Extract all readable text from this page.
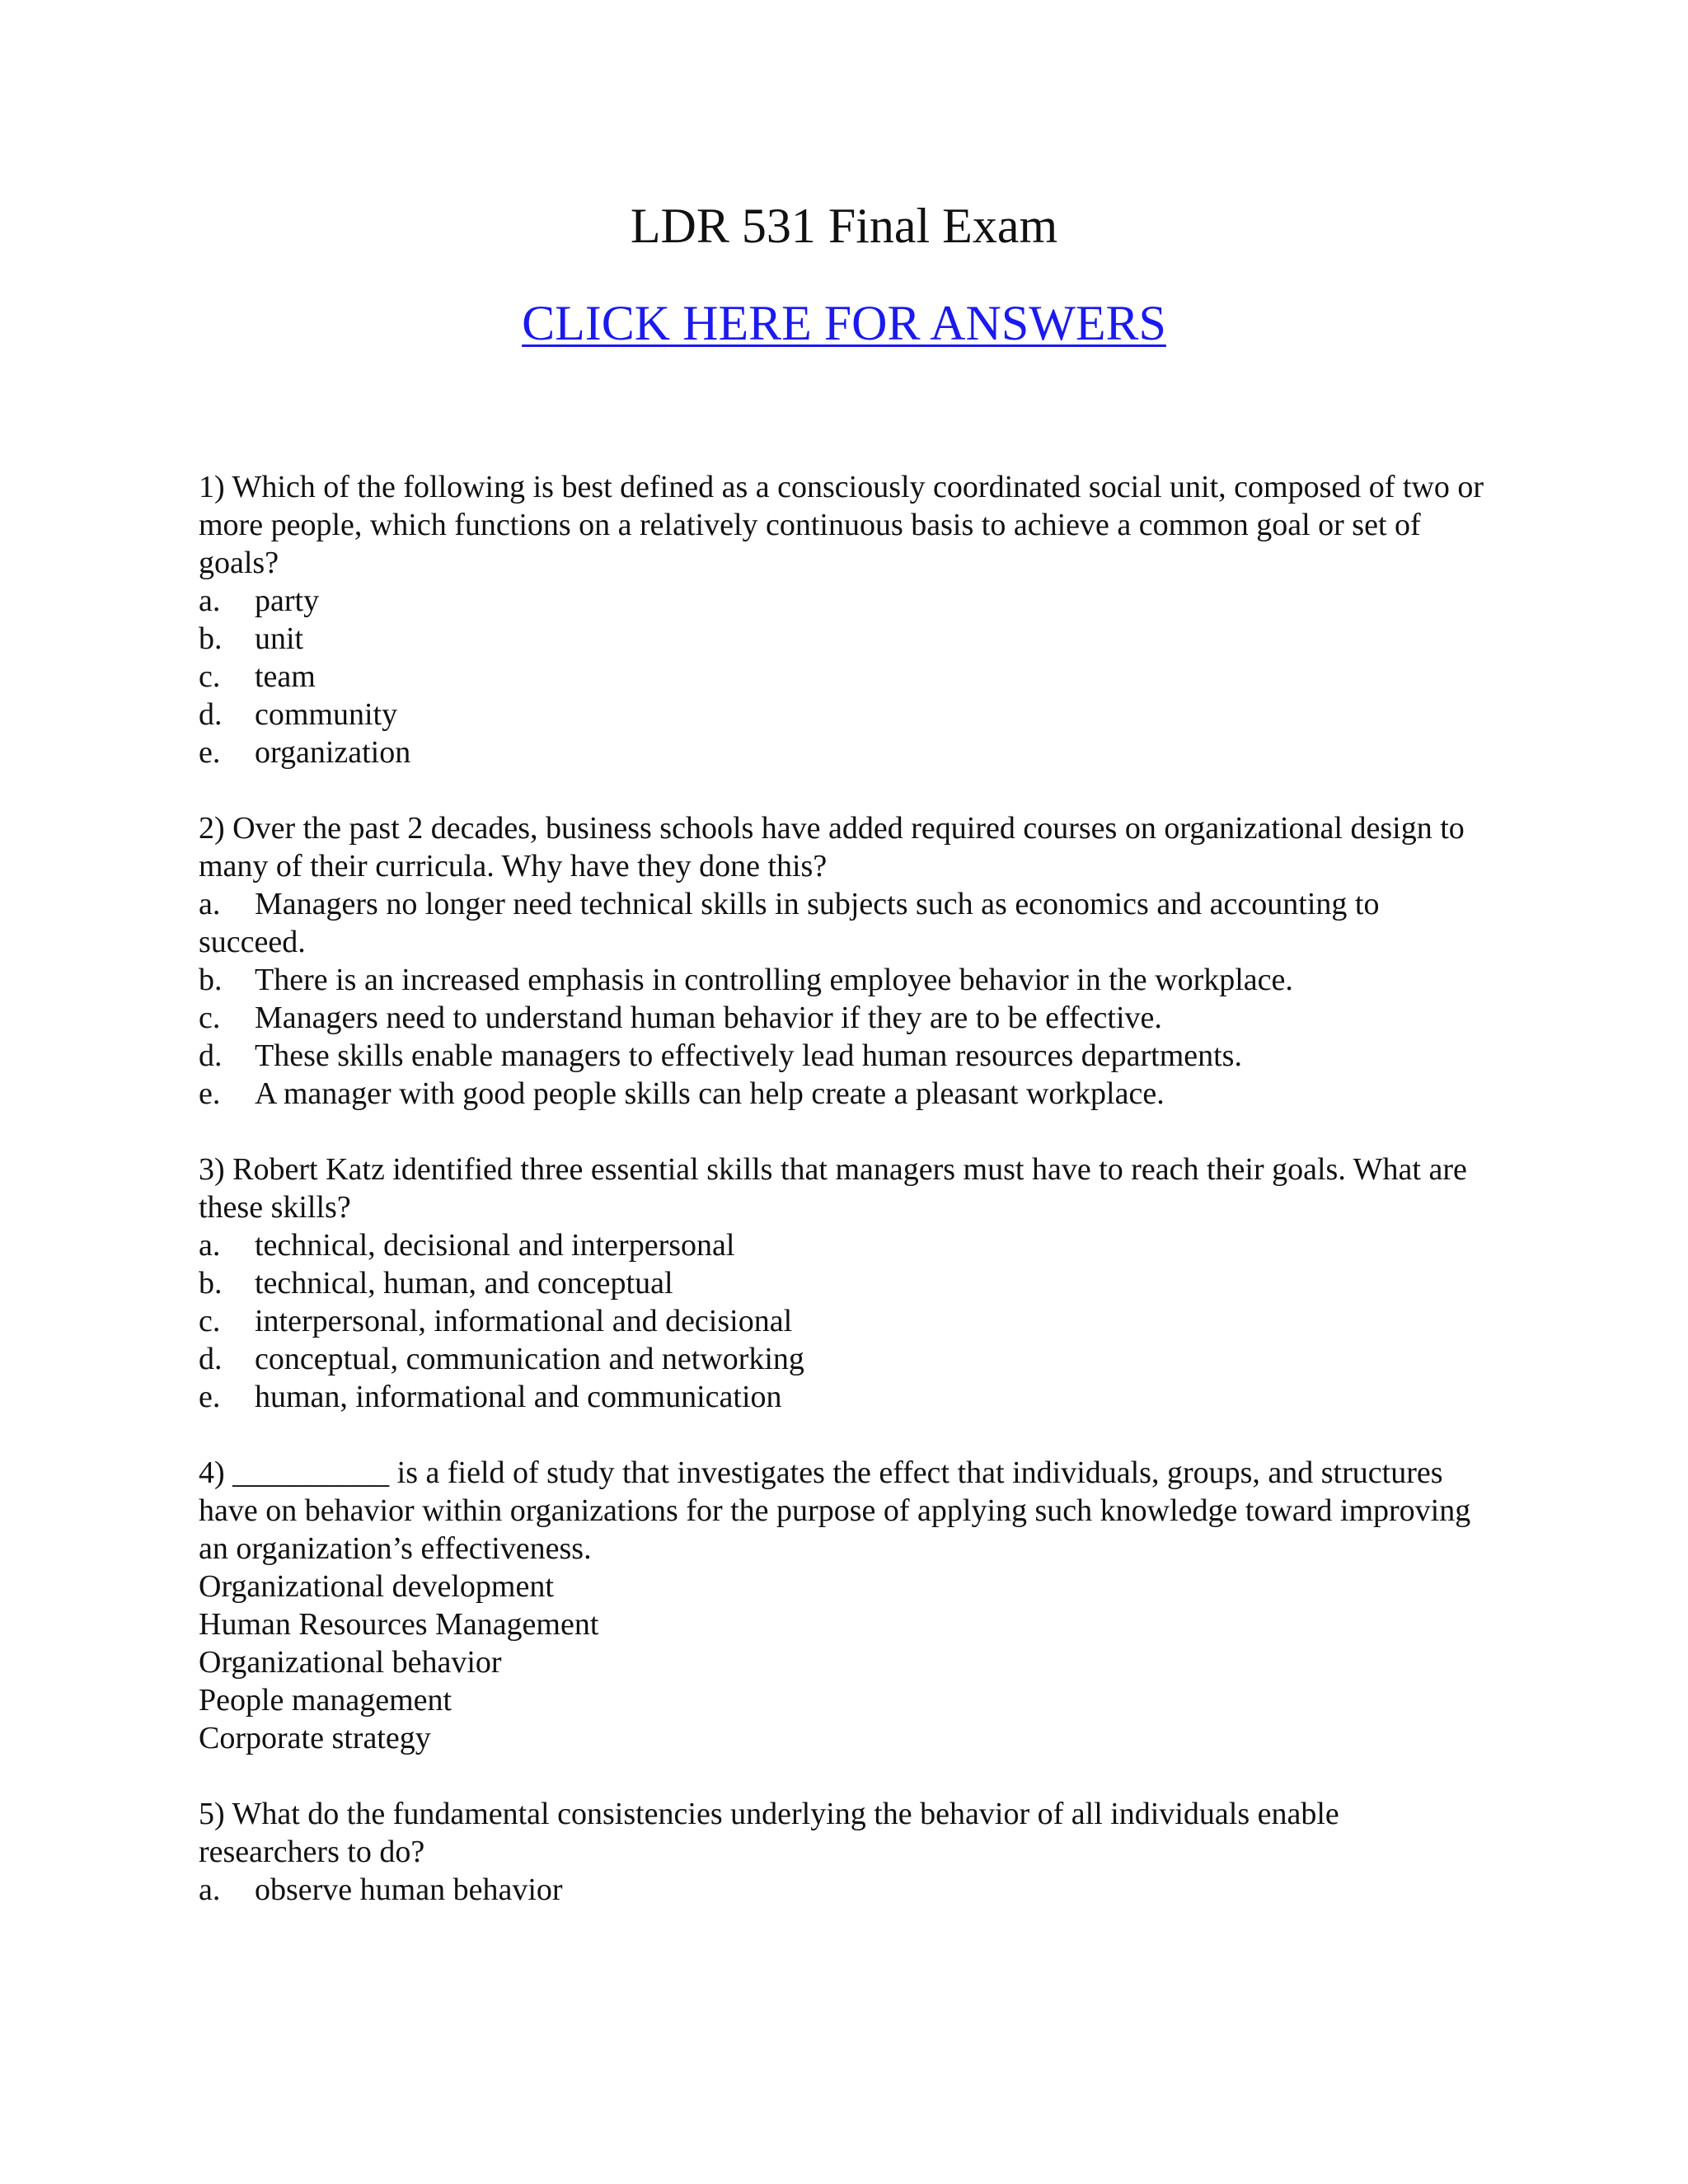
LDR 531 Final Exam
CLICK HERE FOR ANSWERS

1) Which of the following is best defined as a consciously coordinated social unit, composed of two or more people, which functions on a relatively continuous basis to achieve a common goal or set of goals?

a. party
b. unit
c. team
d. community
e. organization

2) Over the past 2 decades, business schools have added required courses on organizational design to many of their curricula. Why have they done this?

a. Managers no longer need technical skills in subjects such as economics and accounting to succeed.
b. There is an increased emphasis in controlling employee behavior in the workplace.
c. Managers need to understand human behavior if they are to be effective.
d. These skills enable managers to effectively lead human resources departments.
e. A manager with good people skills can help create a pleasant workplace.

3) Robert Katz identified three essential skills that managers must have to reach their goals. What are these skills?

a. technical, decisional and interpersonal
b. technical, human, and conceptual
c. interpersonal, informational and decisional
d. conceptual, communication and networking
e. human, informational and communication

4) __________ is a field of study that investigates the effect that individuals, groups, and structures have on behavior within organizations for the purpose of applying such knowledge toward improving an organization’s effectiveness.

Organizational development
Human Resources Management
Organizational behavior
People management
Corporate strategy

5) What do the fundamental consistencies underlying the behavior of all individuals enable researchers to do?

a. observe human behavior
